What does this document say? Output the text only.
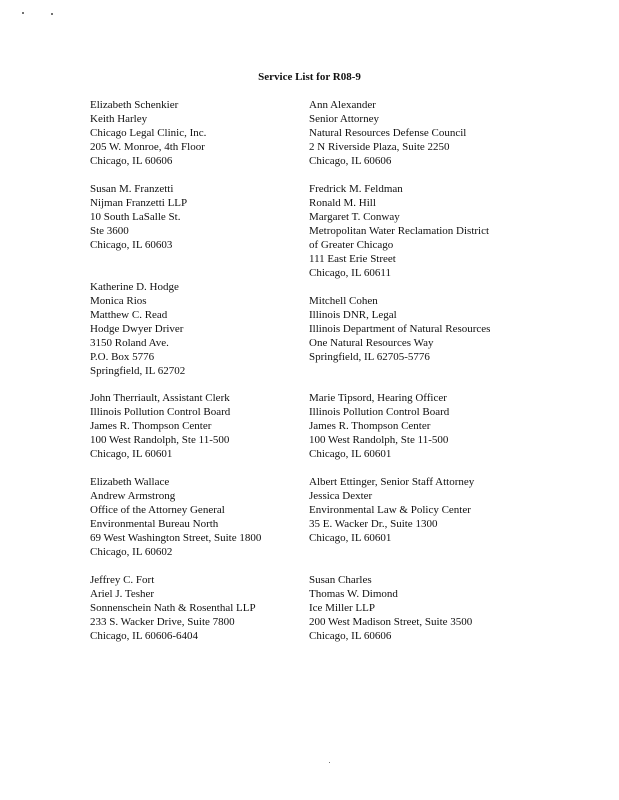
Service List for R08-9
Elizabeth Schenkier
Keith Harley
Chicago Legal Clinic, Inc.
205 W. Monroe, 4th Floor
Chicago, IL 60606
Susan M. Franzetti
Nijman Franzetti LLP
10 South LaSalle St.
Ste 3600
Chicago, IL 60603
Katherine D. Hodge
Monica Rios
Matthew C. Read
Hodge Dwyer Driver
3150 Roland Ave.
P.O. Box 5776
Springfield, IL 62702
John Therriault, Assistant Clerk
Illinois Pollution Control Board
James R. Thompson Center
100 West Randolph, Ste 11-500
Chicago, IL 60601
Elizabeth Wallace
Andrew Armstrong
Office of the Attorney General
Environmental Bureau North
69 West Washington Street, Suite 1800
Chicago, IL 60602
Jeffrey C. Fort
Ariel J. Tesher
Sonnenschein Nath & Rosenthal LLP
233 S. Wacker Drive, Suite 7800
Chicago, IL 60606-6404
Ann Alexander
Senior Attorney
Natural Resources Defense Council
2 N Riverside Plaza, Suite 2250
Chicago, IL 60606
Fredrick M. Feldman
Ronald M. Hill
Margaret T. Conway
Metropolitan Water Reclamation District
of Greater Chicago
111 East Erie Street
Chicago, IL 60611
Mitchell Cohen
Illinois DNR, Legal
Illinois Department of Natural Resources
One Natural Resources Way
Springfield, IL 62705-5776
Marie Tipsord, Hearing Officer
Illinois Pollution Control Board
James R. Thompson Center
100 West Randolph, Ste 11-500
Chicago, IL 60601
Albert Ettinger, Senior Staff Attorney
Jessica Dexter
Environmental Law & Policy Center
35 E. Wacker Dr., Suite 1300
Chicago, IL 60601
Susan Charles
Thomas W. Dimond
Ice Miller LLP
200 West Madison Street, Suite 3500
Chicago, IL 60606
